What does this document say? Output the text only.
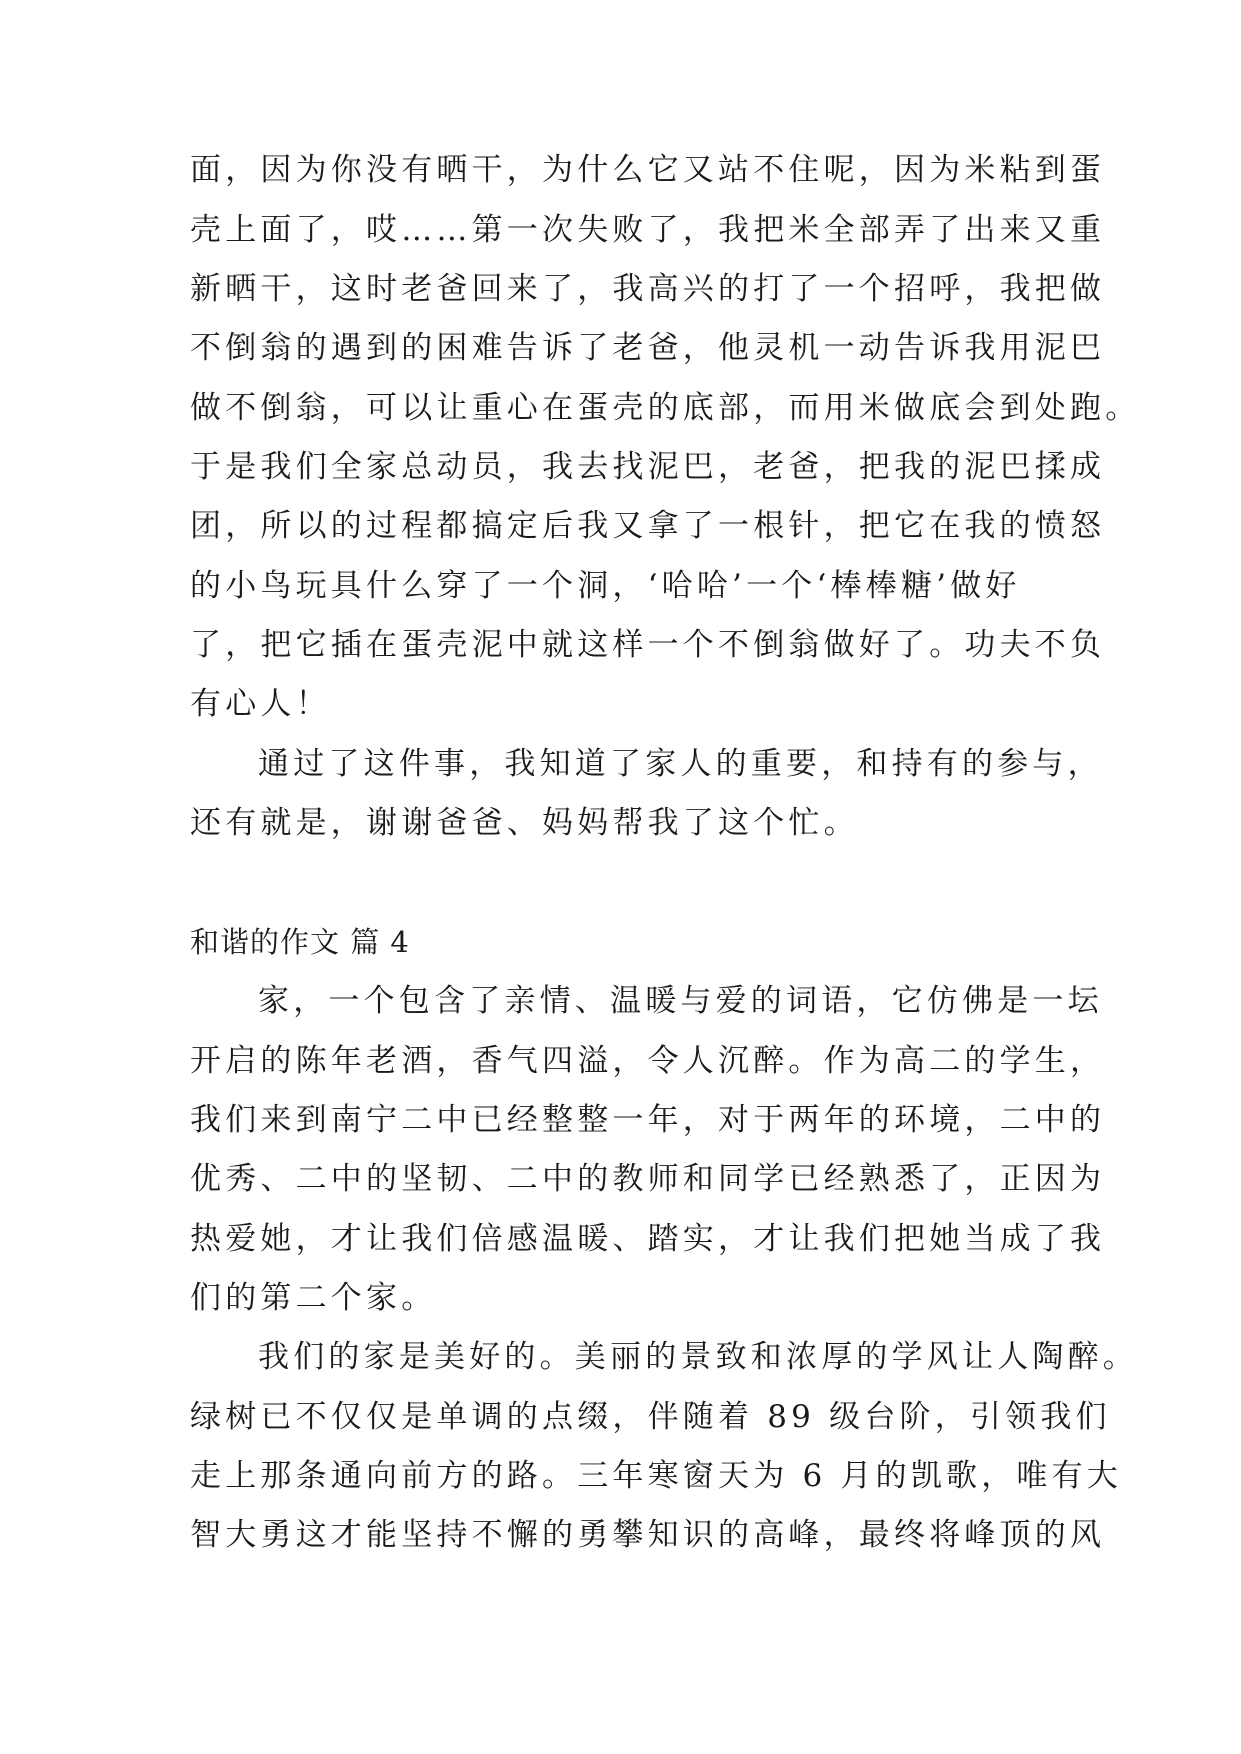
面，因为你没有晒干，为什么它又站不住呢，因为米粘到蛋
壳上面了，哎……第一次失败了，我把米全部弄了出来又重
新晒干，这时老爸回来了，我高兴的打了一个招呼，我把做
不倒翁的遇到的困难告诉了老爸，他灵机一动告诉我用泥巴
做不倒翁，可以让重心在蛋壳的底部，而用米做底会到处跑。
于是我们全家总动员，我去找泥巴，老爸，把我的泥巴揉成
团，所以的过程都搞定后我又拿了一根针，把它在我的愤怒
的小鸟玩具什么穿了一个洞，‘哈哈’一个‘棒棒糖’做好
了，把它插在蛋壳泥中就这样一个不倒翁做好了。功夫不负
有心人！
通过了这件事，我知道了家人的重要，和持有的参与，
还有就是，谢谢爸爸、妈妈帮我了这个忙。
和谐的作文 篇 4
家，一个包含了亲情、温暖与爱的词语，它仿佛是一坛
开启的陈年老酒，香气四溢，令人沉醉。作为高二的学生，
我们来到南宁二中已经整整一年，对于两年的环境，二中的
优秀、二中的坚韧、二中的教师和同学已经熟悉了，正因为
热爱她，才让我们倍感温暖、踏实，才让我们把她当成了我
们的第二个家。
我们的家是美好的。美丽的景致和浓厚的学风让人陶醉。
绿树已不仅仅是单调的点缀，伴随着 89 级台阶，引领我们
走上那条通向前方的路。三年寒窗天为 6 月的凯歌，唯有大
智大勇这才能坚持不懈的勇攀知识的高峰，最终将峰顶的风
